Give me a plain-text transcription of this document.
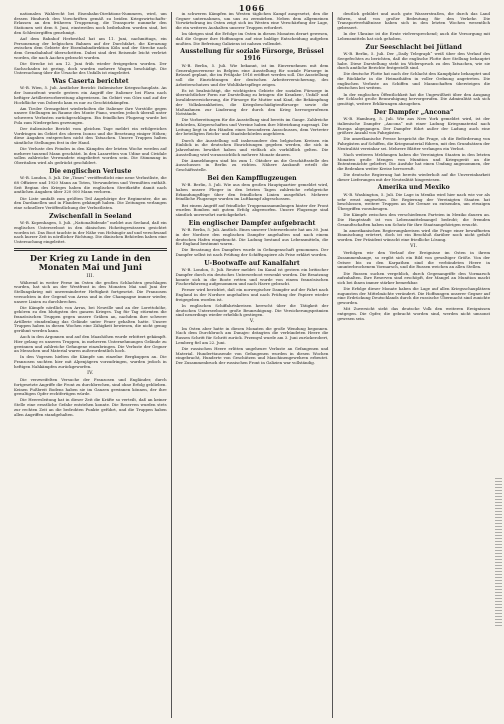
1066

nationalen Wahlrecht bei Eisenbahn-Direktions-Nummern, wird, um dessen Hindurch den Vorschriften gemäß zu beiden Kriegswirtschafts-Erlassen an den früheren Truppenzug, die Transporte nunmehr den Stationen seit dem 8. Juni, einstweilen noch beibehalten worden sind, bei den Schlesiergiffen genehmigt.

Auf dem Bahnhof Herbesthal hat am 11. Juni, nachmittags, ein Personenzug der belgischen Bahnen auf der Durchfahrt, die Kreuzung zwischen dem Gebiete der Eisenbahndirektion Köln und der Strecke nach dem Grenzbahnhof überschritten. Dabei sind drei Reisende leicht verletzt worden, die nach Aachen gebracht wurden.

Die Strecke ist am 12. Juni früh wieder freigegeben worden. Der Sachschaden ist gering, doch wurden mehrere Wagen beschädigt. Die Untersuchung über die Ursache des Unfalls ist eingeleitet.

Was Caserta berichtet

W.-B. Wien, 5. Juli. Amtlicher Bericht: Italienischer Kriegsschauplatz. An der Isonzofront wurde gestern ein Angriff der Italiener bei Plava nach heftiger Artillerievorbereitung abgewiesen. Im Gebiet von Görz und auf der Hochfläche von Doberdo kam es nur zu Geschützkämpfen.

Am Tiroler Grenzgebiet wiederholten die Italiener ihre Vorstöße gegen unsere Stellungen im Raume des Monte Piano, wurden jedoch überall unter schweren Verlusten zurückgeschlagen. Ein feindliches Flugzeug wurde bei Pola zum Niedergehen gezwungen.

Der italienische Bericht vom gleichen Tage meldet ein erfolgreiches Vordringen im Gebiet des oberen Isonzo und die Besetzung einiger Höhen; diese Angaben entsprechen nicht den Tatsachen. Unsere Truppen halten sämtliche Stellungen fest in der Hand.

Die Verluste des Feindes in den Kämpfen der letzten Woche werden auf mehrere tausend Mann geschätzt. In den Lazaretten von Udine und Cividale sollen zahlreiche Verwundete eingeliefert worden sein. Die Stimmung in Oberitalien wird als gedrückt geschildert.

Die englischen Verluste

W.-B. London, 5. Juli. Die „Times“ veröffentlicht eine neue Verlustliste, die 68 Offiziere und 1920 Mann an Toten, Verwundeten und Vermißten enthält. Seit Beginn des Krieges haben die englischen Streitkräfte damit nach amtlichen Angaben über 320 000 Mann verloren.

Die Liste umfaßt zum größten Teil Angehörige der Regimenter, die an den Dardanellen und in Flandern gekämpft haben. Die Zeitungen verlangen eine schnellere Veröffentlichung der Verlustlisten.

Zwischenfall in Seeland

W.-B. Kopenhagen, 5. Juli. „Nationaltidende“ meldet aus Seeland, daß ein englisches Unterseeboot in den dänischen Hoheitsgewässern gesichtet worden ist. Das Boot tauchte in der Nähe von Helsingör auf und verschwand nach kurzer Zeit in nördlicher Richtung. Die dänischen Behörden haben eine Untersuchung eingeleitet.

Der Krieg zu Lande in den Monaten Mai und Juni
III.

Während in weiter Ferne im Osten die großen Schlachten geschlagen wurden, hat sich an der Westfront in den Monaten Mai und Juni der Stellungskrieg mit unverminderter Heftigkeit fortgesetzt. Die Franzosen versuchten in der Gegend von Arras und in der Champagne immer wieder, unsere Linien zu durchbrechen.

Die Kämpfe nördlich von Arras, bei Neuville und an der Lorettohöhe, gehören zu den blutigsten des ganzen Krieges. Tag für Tag stürmten die französischen Truppen gegen unsere Gräben an, nachdem ihre schwere Artillerie stundenlang das Gelände unter Feuer gehalten hatte. Unsere Truppen haben in diesen Wochen eine Zähigkeit bewiesen, die nicht genug gerühmt werden kann.

Auch in den Argonnen und auf den Maashöhen wurde erbittert gekämpft. Hier gelang es unseren Truppen, in mehreren Unternehmungen Gelände zu gewinnen und zahlreiche Gefangene einzubringen. Die Verluste der Gegner an Menschen und Material waren außerordentlich hoch.

In den Vogesen hielten die Kämpfe um einzelne Bergkuppen an. Die Franzosen suchten hier mit Alpenjägern vorzudringen, wurden jedoch in heftigen Nahkämpfen zurückgeworfen.

IV.

Die verzweifelten Versuche der Franzosen und Engländer, durch fortgesetzte Angriffe die Front zu durchbrechen, sind ohne Erfolg geblieben. Keinen Fußbreit Bodens haben sie im Ganzen gewinnen können, der ihre gewaltigen Opfer rechtfertigen würde.

Die Heeresleitung hat in dieser Zeit die Kräfte so verteilt, daß an keiner Stelle eine ernstliche Gefahr entstehen konnte. Die Reserven wurden stets zur rechten Zeit an die bedrohten Punkte geführt, und die Truppen haben allen Angriffen standgehalten.

in schweren Kämpfen im Westen täglichen Kampf ausgesetzt, den die Gegner unternahmen, um uns zu zermürben. Neben dem allgemeinen Vorwärtsdrang im Osten zeigt sich im Westen eine Verschärfung der Lage, die ein weiteres Aushalten unserer Truppen erfordert.

Im übrigen sind die Erfolge im Osten in diesen Monaten derart gewesen, daß die Gegner ihre Hoffnungen auf eine baldige Entscheidung aufgeben mußten. Die Befreiung Galiziens ist nahezu vollendet.

Ausstellung für soziale Fürsorge, Brüssel 1916

W.-B. Berlin, 5. Juli. Wie bekannt, ist im Einvernehmen mit dem Generalgouverneur in Belgien eine Ausstellung für soziale Fürsorge in Brüssel geplant, die im Frühjahr 1916 eröffnet werden soll. Die Ausstellung soll die Einrichtungen der deutschen Arbeiterversicherung, des Arbeiterschutzes und der Wohlfahrtspflege zeigen.

Es ist beabsichtigt, die wichtigsten Gebiete der sozialen Fürsorge in übersichtlicher Form zur Darstellung zu bringen: die Kranken-, Unfall- und Invalidenversicherung, die Fürsorge für Mutter und Kind, die Bekämpfung der Volkskrankheiten, die Kriegsbeschädigtenfürsorge sowie die Maßnahmen zur Linderung der durch den Krieg hervorgerufenen Notstände.

Die Vorbereitungen für die Ausstellung sind bereits im Gange. Zahlreiche Behörden, Körperschaften und Vereine haben ihre Mitwirkung zugesagt. Die Leitung liegt in den Händen eines besonderen Ausschusses, dem Vertreter der beteiligten Reichs- und Staatsbehörden angehören.

Durch die Ausstellung soll insbesondere den belgischen Kreisen ein Einblick in die deutschen Einrichtungen gegeben werden, die sich in Jahrzehnten bewährt haben und vielfach als vorbildlich gelten. Die Ausstellung wird voraussichtlich mehrere Monate dauern.

Die Anmeldungen sind bis zum 1. Oktober an die Geschäftsstelle des Ausschusses in Berlin zu richten. Nähere Auskunft erteilt die Geschäftsstelle.

Bei den Kampfflugzeugen

W.-B. Berlin, 5. Juli. Wie aus dem großen Hauptquartier gemeldet wird, haben unsere Flieger in den letzten Tagen zahlreiche erfolgreiche Erkundungsflüge über den feindlichen Linien ausgeführt. Mehrere feindliche Flugzeuge wurden im Luftkampf abgeschossen.

Bei einem Angriff auf feindliche Truppenansammlungen hinter der Front wurden Bomben mit gutem Erfolg abgeworfen. Unsere Flugzeuge sind sämtlich unversehrt zurückgekehrt.

Ein englischer Dampfer aufgebracht

W.-B. Berlin, 5. Juli. Amtlich. Eines unserer Unterseeboote hat am 30. Juni in der Nordsee den englischen Dampfer angehalten und nach einem deutschen Hafen eingebracht. Die Ladung bestand aus Lebensmitteln, die für England bestimmt waren.

Die Besatzung des Dampfers wurde in Gefangenschaft genommen. Der Dampfer selbst ist nach Prüfung der Schiffspapiere als Prise erklärt worden.

U-Bootwaffe auf Kanalfahrt

W.-B. London, 5. Juli. Reuter meldet: Im Kanal ist gestern ein britischer Dampfer durch ein deutsches Unterseeboot versenkt worden. Die Besatzung konnte sich in die Boote retten und wurde von einem französischen Fischerfahrzeug aufgenommen und nach Havre gebracht.

Ferner wird berichtet, daß ein norwegischer Dampfer auf der Fahrt nach England in der Nordsee angehalten und nach Prüfung der Papiere wieder freigegeben worden ist.

In englischen Schiffahrtskreisen herrscht über die Tätigkeit der deutschen Unterseeboote große Beunruhigung. Die Versicherungsprämien sind neuerdings wieder erheblich gestiegen.

V.

Im Osten aber hatte in diesen Monaten die große Wendung begonnen. Nach dem Durchbruch am Dunajec drängten die verbündeten Heere die Russen Schritt für Schritt zurück. Przemysl wurde am 3. Juni zurückerobert, Lemberg fiel am 22. Juni.

Die russischen Heere erlitten ungeheure Verluste an Gefangenen und Material. Hunderttausende von Gefangenen wurden in diesen Wochen eingebracht, Hunderte von Geschützen und Maschinengewehren erbeutet. Der Zusammenbruch der russischen Front in Galizien war vollständig.

deutlich gebildet und auch gute Wasserstraßen, die durch das Land führen, sind von großer Bedeutung für den Verkehr. Die Transportverhältnisse haben sich in den letzten Wochen wesentlich gebessert.

In der Ukraine ist die Ernte vielversprechend; auch die Versorgung mit Lebensmitteln hat sich gehoben.

Zur Seeschlacht bei Jütland

W.-B. Berlin, 5. Juli. Der „Daily Telegraph“ weiß über den Verlauf des Seegefechtes zu berichten, daß die englische Flotte ihre Stellung behauptet habe. Diese Darstellung steht im Widerspruch zu den Tatsachen, wie sie durch amtliche Berichte festgestellt sind.

Die deutsche Flotte hat nach der Schlacht den Kampfplatz behauptet und die Rückkehr in die Heimathäfen in voller Ordnung angetreten. Die englischen Verluste an Schiffen und Mannschaften übersteigen die deutschen bei weitem.

In der englischen Öffentlichkeit hat die Ungewißheit über den Ausgang der Schlacht große Beunruhigung hervorgerufen. Die Admiralität sah sich genötigt, weitere Erklärungen abzugeben.

Der Dampfer „Ancona“

W.-B. Hamburg, 5. Juli. Wie aus New York gemeldet wird, ist der italienische Dampfer „Ancona“ mit einer Ladung Kriegsmaterial nach Europa abgegangen. Der Dampfer führt außer der Ladung auch eine größere Anzahl von Fahrgästen.

Die amerikanische Presse bespricht die Frage, ob die Beförderung von Fahrgästen auf Schiffen, die Kriegsmaterial führen, mit den Grundsätzen der Neutralität vereinbar sei. Mehrere Blätter verlangen ein Verbot.

Nach weiteren Meldungen haben die Vereinigten Staaten in den letzten Monaten große Mengen von Munition und Kriegsgerät an die Ententemächte geliefert. Die Ausfuhr hat einen Umfang angenommen, der die Bedenken weiter Kreise hervorruft.

Die deutsche Regierung hat bereits wiederholt auf die Unvereinbarkeit dieser Lieferungen mit der Neutralität hingewiesen.

Amerika und Mexiko

W.-B. Washington, 5. Juli. Die Lage in Mexiko wird hier nach wie vor als sehr ernst angesehen. Die Regierung der Vereinigten Staaten hat beschlossen, weitere Truppen an die Grenze zu entsenden, um etwaigen Übergriffen vorzubeugen.

Die Kämpfe zwischen den verschiedenen Parteien in Mexiko dauern an. Die Hauptstadt ist von Lebensmittelmangel bedroht; die fremden Gesandtschaften haben um Schutz für ihre Staatsangehörigen ersucht.

In amerikanischen Regierungskreisen wird die Frage einer bewaffneten Einmischung erörtert, doch ist ein Beschluß darüber noch nicht gefaßt worden. Der Präsident wünscht eine friedliche Lösung.

VI.

Verfolgen wir den Verlauf der Ereignisse im Osten in ihrem Zusammenhange, so ergibt sich ein Bild von gewaltiger Größe. Von der Ostsee bis zu den Karpathen sind die verbündeten Heere in ununterbrochenem Vormarsch, und die Russen weichen an allen Stellen.

Die Russen suchen vergeblich, durch Gegenangriffe den Vormarsch aufzuhalten. Ihre Reserven sind erschöpft, der Mangel an Munition macht sich bei ihnen immer stärker bemerkbar.

Die Erfolge dieser Monate haben die Lage auf allen Kriegsschauplätzen zugunsten der Mittelmächte verändert. Die Hoffnungen unserer Gegner auf eine Erdrückung Deutschlands durch die russische Übermacht sind zunichte geworden.

Mit Zuversicht sieht das deutsche Volk den weiteren Ereignissen entgegen. Die Opfer, die gebracht worden sind, werden nicht umsonst gewesen sein.
